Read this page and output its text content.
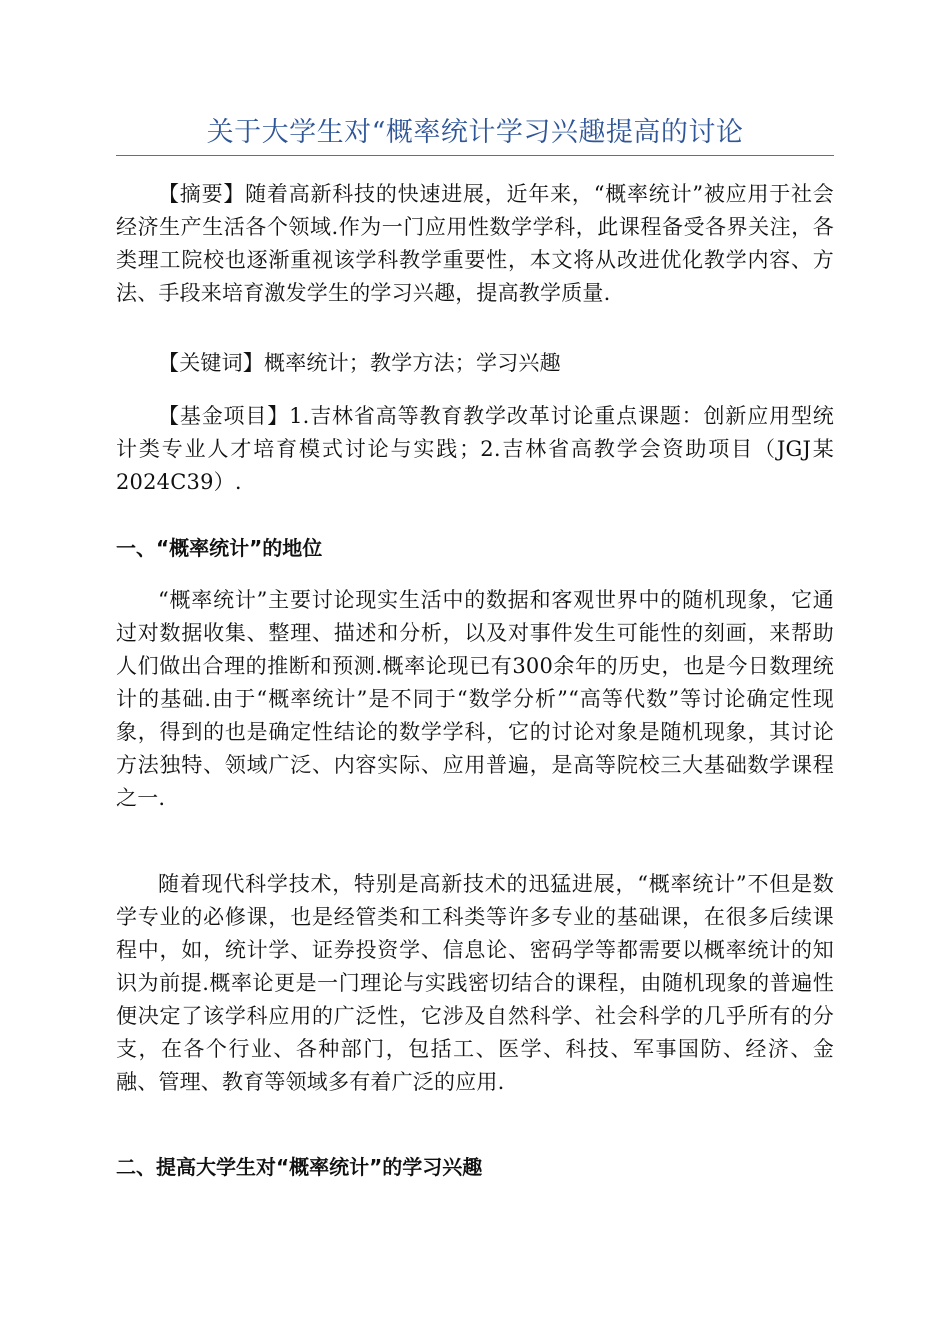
关于大学生对“概率统计学习兴趣提高的讨论
【摘要】随着高新科技的快速进展，近年来，“概率统计”被应用于社会经济生产生活各个领域.作为一门应用性数学学科，此课程备受各界关注，各类理工院校也逐渐重视该学科教学重要性，本文将从改进优化教学内容、方法、手段来培育激发学生的学习兴趣，提高教学质量.
【关键词】概率统计；教学方法；学习兴趣
【基金项目】1.吉林省高等教育教学改革讨论重点课题：创新应用型统计类专业人才培育模式讨论与实践；2.吉林省高教学会资助项目（JGJ某2024C39）.
一、“概率统计”的地位
“概率统计”主要讨论现实生活中的数据和客观世界中的随机现象，它通过对数据收集、整理、描述和分析，以及对事件发生可能性的刻画，来帮助人们做出合理的推断和预测.概率论现已有300余年的历史，也是今日数理统计的基础.由于“概率统计”是不同于“数学分析”“高等代数”等讨论确定性现象，得到的也是确定性结论的数学学科，它的讨论对象是随机现象，其讨论方法独特、领域广泛、内容实际、应用普遍，是高等院校三大基础数学课程之一.
随着现代科学技术，特别是高新技术的迅猛进展，“概率统计”不但是数学专业的必修课，也是经管类和工科类等许多专业的基础课，在很多后续课程中，如，统计学、证券投资学、信息论、密码学等都需要以概率统计的知识为前提.概率论更是一门理论与实践密切结合的课程，由随机现象的普遍性便决定了该学科应用的广泛性，它涉及自然科学、社会科学的几乎所有的分支，在各个行业、各种部门，包括工、医学、科技、军事国防、经济、金融、管理、教育等领域多有着广泛的应用.
二、提高大学生对“概率统计”的学习兴趣
